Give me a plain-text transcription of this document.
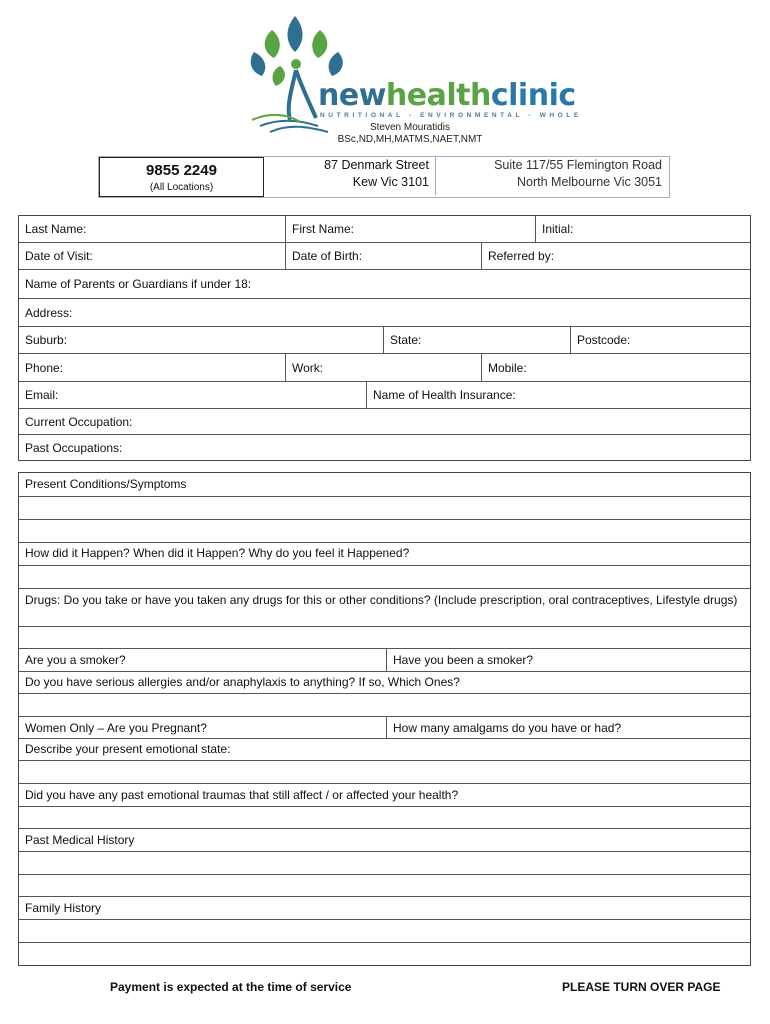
newhealthclinic
NUTRITIONAL - ENVIRONMENTAL - WHOLE
Steven Mouratidis
BSc,ND,MH,MATMS,NAET,NMT
9855 2249
(All Locations)
87 Denmark Street
Kew Vic 3101
Suite 117/55 Flemington Road
North Melbourne Vic 3051
Last Name:	First Name:	Initial:
Date of Visit:	Date of Birth:	Referred by:
Name of Parents or Guardians if under 18:
Address:
Suburb:	State:	Postcode:
Phone:	Work:	Mobile:
Email:	Name of Health Insurance:
Current Occupation:
Past Occupations:
Present Conditions/Symptoms
How did it Happen? When did it Happen? Why do you feel it Happened?
Drugs: Do you take or have you taken any drugs for this or other conditions? (Include prescription, oral contraceptives, Lifestyle drugs)
Are you a smoker?	Have you been a smoker?
Do you have serious allergies and/or anaphylaxis to anything? If so, Which Ones?
Women Only – Are you Pregnant?	How many amalgams do you have or had?
Describe your present emotional state:
Did you have any past emotional traumas that still affect / or affected your health?
Past Medical History
Family History
Payment is expected at the time of service	PLEASE TURN OVER PAGE
